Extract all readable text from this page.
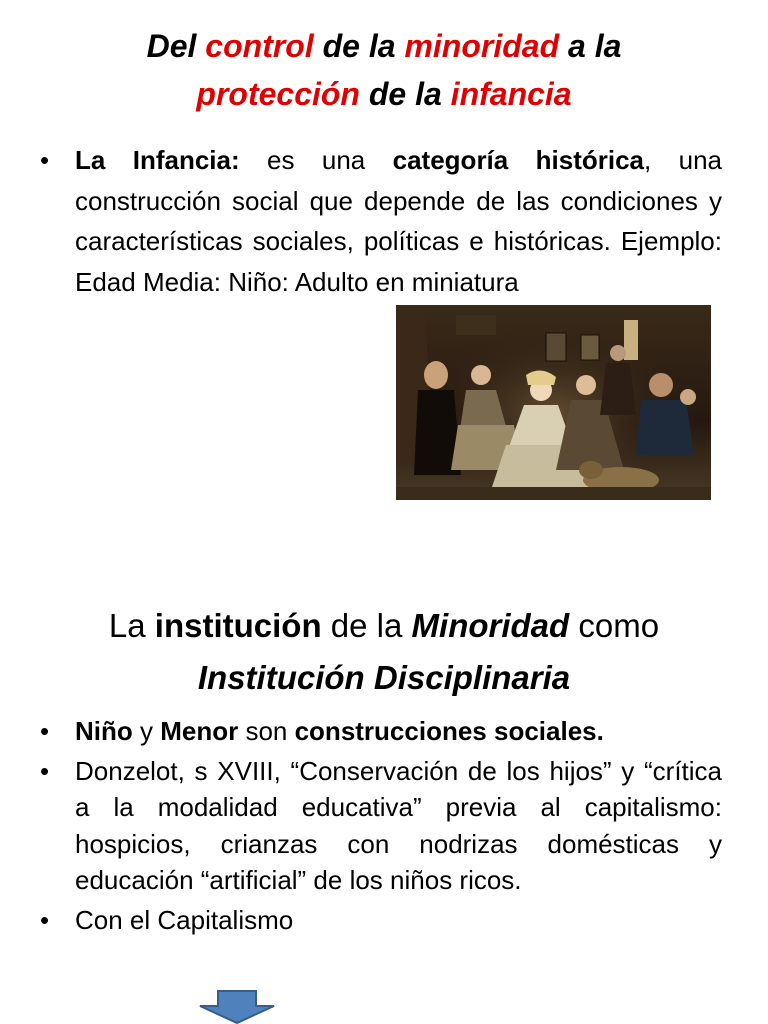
Del control de la minoridad a la
protección de la infancia
• La Infancia: es una categoría histórica, una construcción social que depende de las condiciones y características sociales, políticas e históricas. Ejemplo: Edad Media: Niño: Adulto en miniatura
La institución de la Minoridad como
Institución Disciplinaria
• Niño y Menor son construcciones sociales.
• Donzelot, s XVIII, “Conservación de los hijos” y “crítica a la modalidad educativa” previa al capitalismo: hospicios, crianzas con nodrizas domésticas y educación “artificial” de los niños ricos.
• Con el Capitalismo
